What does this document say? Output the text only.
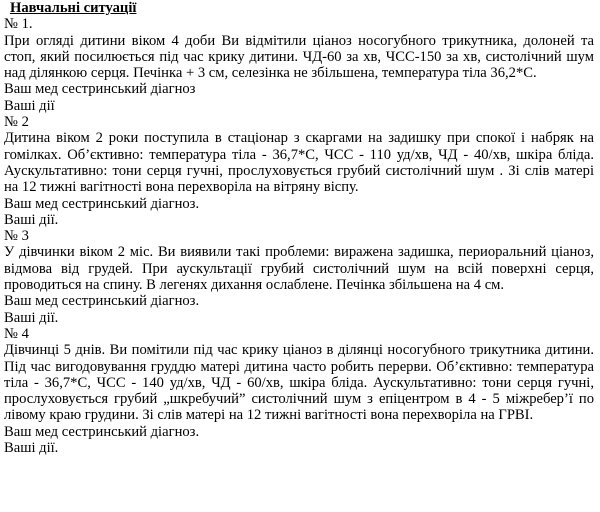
Навчальні ситуації
№ 1.
При огляді дитини віком 4 доби Ви відмітили ціаноз носогубного трикутника, долоней та стоп, який посилюється під час крику дитини. ЧД-60 за хв, ЧСС-150 за хв, систолічний шум над ділянкою серця. Печінка + 3 см, селезінка не збільшена, температура тіла 36,2*С.
Ваш мед сестринський діагноз
Ваші дії
№ 2
Дитина віком 2 роки поступила в стаціонар з скаргами на задишку при спокої і набряк на гомілках. Об’єктивно: температура тіла - 36,7*С, ЧСС - 110 уд/хв, ЧД - 40/хв, шкіра бліда. Аускультативно: тони серця гучні, прослуховується грубий систолічний шум . Зі слів матері на 12 тижні вагітності вона перехворіла на вітряну віспу.
Ваш мед сестринський діагноз.
Ваші дії.
№ 3
У дівчинки віком 2 міс. Ви виявили такі проблеми: виражена задишка, периоральний ціаноз, відмова від грудей. При аускультації грубий систолічний шум на всій поверхні серця, проводиться на спину. В легенях дихання ослаблене. Печінка збільшена на 4 см.
Ваш мед сестринський діагноз.
Ваші дії.
№ 4
Дівчинці 5 днів. Ви помітили під час крику ціаноз в ділянці носогубного трикутника дитини. Під час вигодовування груддю матері дитина часто робить перерви. Об’єктивно: температура тіла - 36,7*С, ЧСС - 140 уд/хв, ЧД - 60/хв, шкіра бліда. Аускультативно: тони серця гучні, прослуховується грубий „шкребучий” систолічний шум з епіцентром в 4 - 5 міжребер’ї по лівому краю грудини. Зі слів матері на 12 тижні вагітності вона перехворіла на ГРВІ.
Ваш мед сестринський діагноз.
Ваші дії.
